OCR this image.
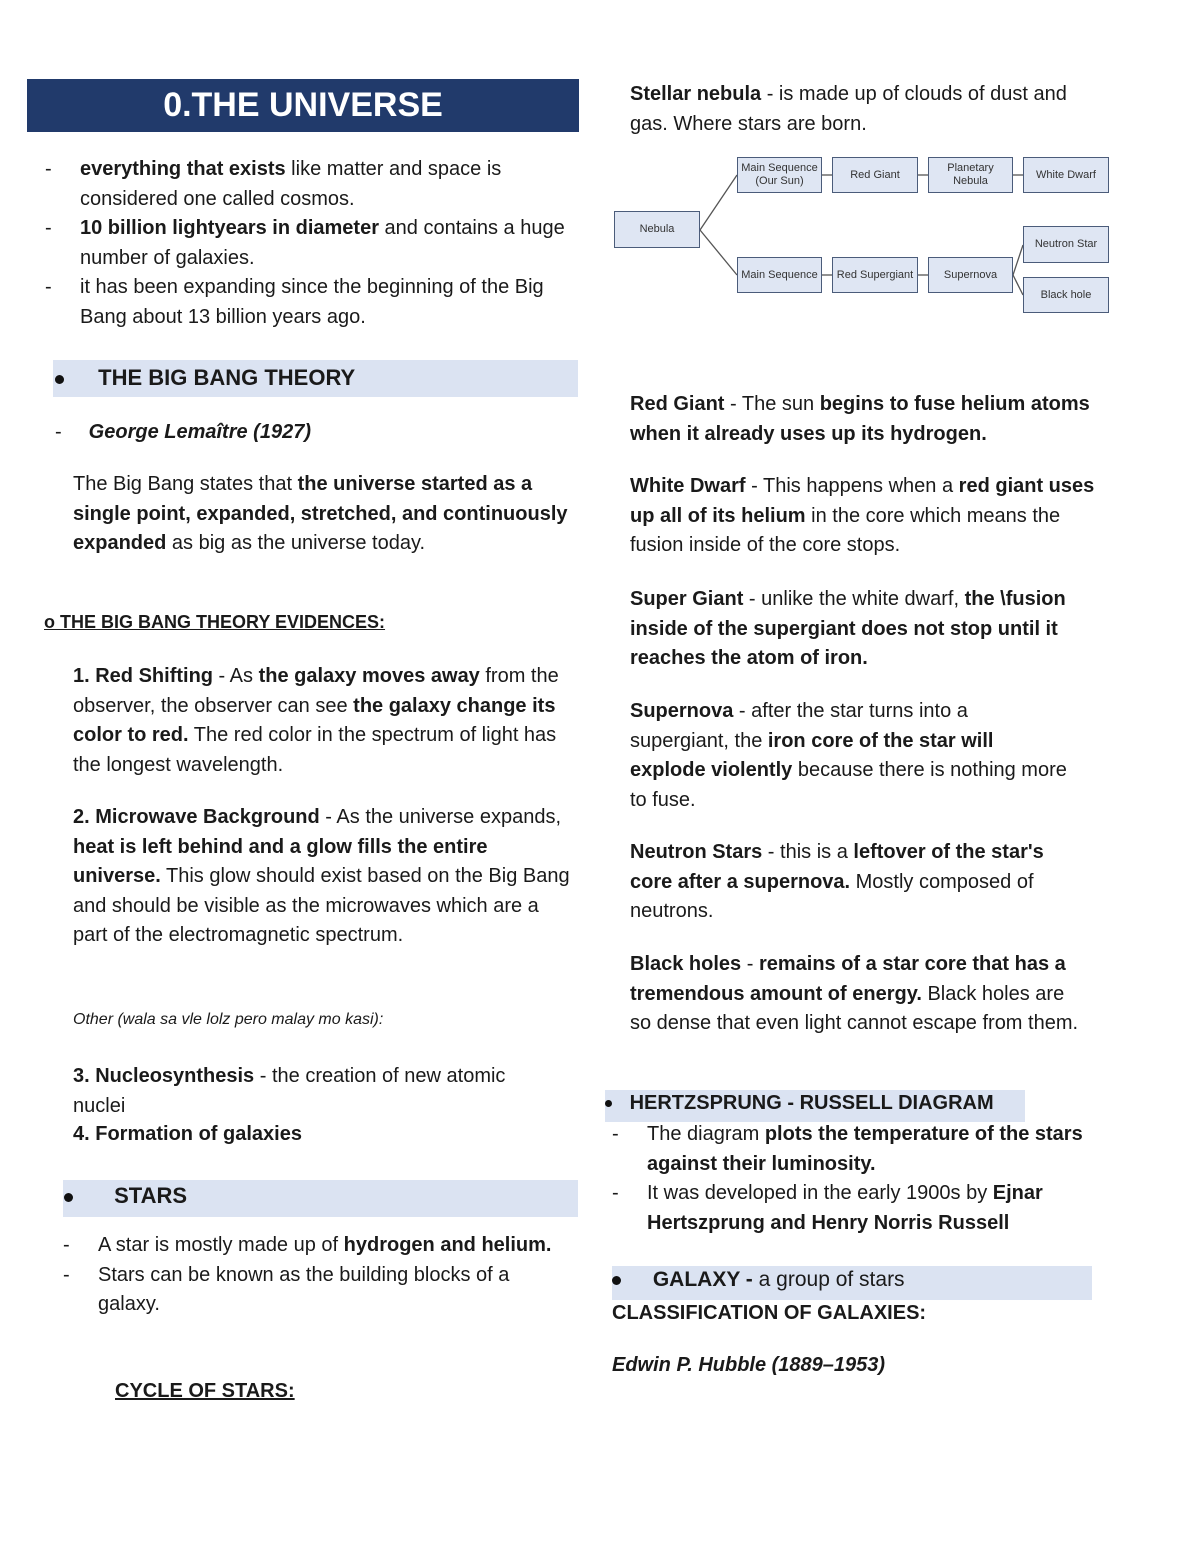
0.THE UNIVERSE
- everything that exists like matter and space is considered one called cosmos.
- 10 billion lightyears in diameter and contains a huge number of galaxies.
- it has been expanding since the beginning of the Big Bang about 13 billion years ago.
THE BIG BANG THEORY
- George Lemaître (1927)
The Big Bang states that the universe started as a single point, expanded, stretched, and continuously expanded as big as the universe today.
o THE BIG BANG THEORY EVIDENCES:
1. Red Shifting - As the galaxy moves away from the observer, the observer can see the galaxy change its color to red. The red color in the spectrum of light has the longest wavelength.
2. Microwave Background - As the universe expands, heat is left behind and a glow fills the entire universe. This glow should exist based on the Big Bang and should be visible as the microwaves which are a part of the electromagnetic spectrum.
Other (wala sa vle lolz pero malay mo kasi):
3. Nucleosynthesis - the creation of new atomic nuclei
4. Formation of galaxies
STARS
- A star is mostly made up of hydrogen and helium.
- Stars can be known as the building blocks of a galaxy.
CYCLE OF STARS:
Stellar nebula - is made up of clouds of dust and gas. Where stars are born.
Nebula
Main Sequence (Our Sun)
Red Giant
Planetary Nebula
White Dwarf
Main Sequence	Red Supergiant	Supernova
Neutron Star
Black hole
Red Giant - The sun begins to fuse helium atoms when it already uses up its hydrogen.
White Dwarf - This happens when a red giant uses up all of its helium in the core which means the fusion inside of the core stops.
Super Giant - unlike the white dwarf, the \fusion inside of the supergiant does not stop until it reaches the atom of iron.
Supernova - after the star turns into a supergiant, the iron core of the star will explode violently because there is nothing more to fuse.
Neutron Stars - this is a leftover of the star's core after a supernova. Mostly composed of neutrons.
Black holes - remains of a star core that has a tremendous amount of energy. Black holes are so dense that even light cannot escape from them.
HERTZSPRUNG - RUSSELL DIAGRAM
- The diagram plots the temperature of the stars against their luminosity.
- It was developed in the early 1900s by Ejnar Hertszprung and Henry Norris Russell
GALAXY - a group of stars
CLASSIFICATION OF GALAXIES:
Edwin P. Hubble (1889–1953)
